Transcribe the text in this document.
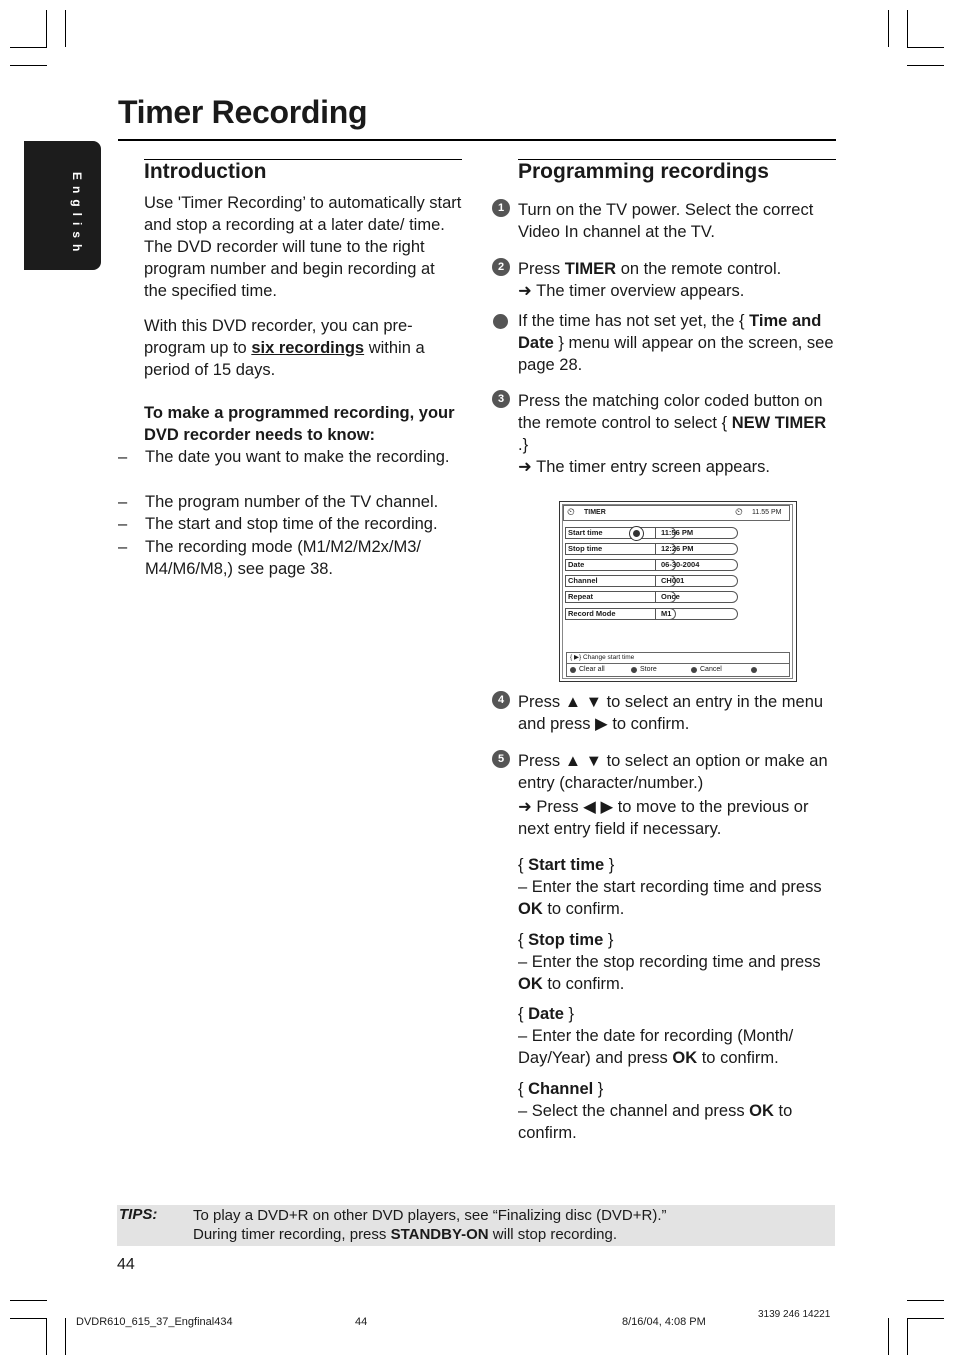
Timer Recording
English
Introduction

Use 'Timer Recording’ to automatically start and stop a recording at a later date/ time. The DVD recorder will tune to the right program number and begin recording at the specified time.

With this DVD recorder, you can pre-program up to six recordings within a period of 15 days.

To make a programmed recording, your DVD recorder needs to know:

– The date you want to make the recording.
– The program number of the TV channel.
– The start and stop time of the recording.
– The recording mode (M1/M2/M2x/M3/ M4/M6/M8,) see page 38.
Programming recordings
1 Turn on the TV power. Select the correct Video In channel at the TV.

2 Press TIMER on the remote control.
➜ The timer overview appears.

If the time has not set yet, the { Time and Date } menu will appear on the screen, see page 28.

3 Press the matching color coded button on the remote control to select { NEW TIMER .}
➜ The timer entry screen appears.

⏲ TIMER	⏲ 11.55 PM
Start time	11:56 PM
Stop time	12:26 PM
Date	06-30-2004
Channel	CH001
Repeat	Once
Record Mode	M1
{ ▶} Change start time
Clear all	Store	Cancel
4 Press ▲ ▼ to select an entry in the menu and press ▶ to confirm.

5 Press ▲ ▼ to select an option or make an entry (character/number.)

➜ Press ◀ ▶ to move to the previous or next entry field if necessary.

{ Start time }
– Enter the start recording time and press OK to confirm.

{ Stop time }
– Enter the stop recording time and press OK to confirm.

{ Date }
– Enter the date for recording (Month/ Day/Year) and press OK to confirm.

{ Channel }
– Select the channel and press OK to confirm.

TIPS: To play a DVD+R on other DVD players, see “Finalizing disc (DVD+R).”
During timer recording, press STANDBY-ON will stop recording.
44
DVDR610_615_37_Engfinal434	44	8/16/04, 4:08 PM
3139 246 14221
